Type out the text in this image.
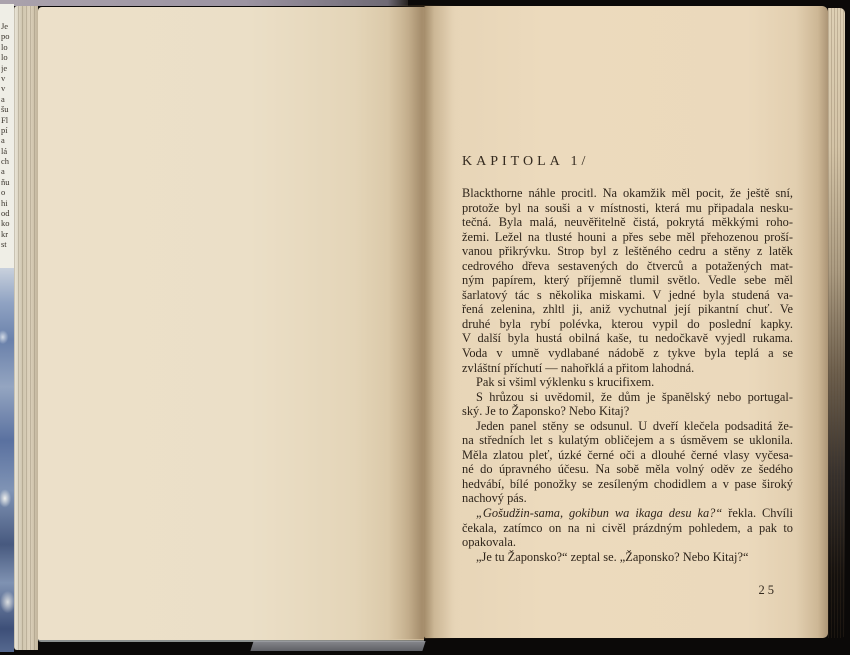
Je
po
lo
lo
je
v
v
a
šu
Fl
pí
a
lá
ch
a
ňu
o
hi
od
ko
kr
st
KAPITOLA 1/
Blackthorne náhle procitl. Na okamžik měl pocit, že ještě sní,
protože byl na souši a v místnosti, která mu připadala nesku-
tečná. Byla malá, neuvěřitelně čistá, pokrytá měkkými roho-
žemi. Ležel na tlusté houni a přes sebe měl přehozenou proší-
vanou přikrývku. Strop byl z leštěného cedru a stěny z latěk
cedrového dřeva sestavených do čtverců a potažených mat-
ným papírem, který příjemně tlumil světlo. Vedle sebe měl
šarlatový tác s několika miskami. V jedné byla studená va-
řená zelenina, zhltl ji, aniž vychutnal její pikantní chuť. Ve
druhé byla rybí polévka, kterou vypil do poslední kapky.
V další byla hustá obilná kaše, tu nedočkavě vyjedl rukama.
Voda v umně vydlabané nádobě z tykve byla teplá a se
zvláštní příchutí — nahořklá a přitom lahodná.
Pak si všiml výklenku s krucifixem.
S hrůzou si uvědomil, že dům je španělský nebo portugal-
ský. Je to Žaponsko? Nebo Kitaj?
Jeden panel stěny se odsunul. U dveří klečela podsaditá že-
na středních let s kulatým obličejem a s úsměvem se uklonila.
Měla zlatou pleť, úzké černé oči a dlouhé černé vlasy vyčesa-
né do úpravného účesu. Na sobě měla volný oděv ze šedého
hedvábí, bílé ponožky se zesíleným chodidlem a v pase široký
nachový pás.
„Gošudžin-sama, gokibun wa ikaga desu ka?“ řekla. Chvíli
čekala, zatímco on na ni civěl prázdným pohledem, a pak to
opakovala.
„Je tu Žaponsko?“ zeptal se. „Žaponsko? Nebo Kitaj?“
25
